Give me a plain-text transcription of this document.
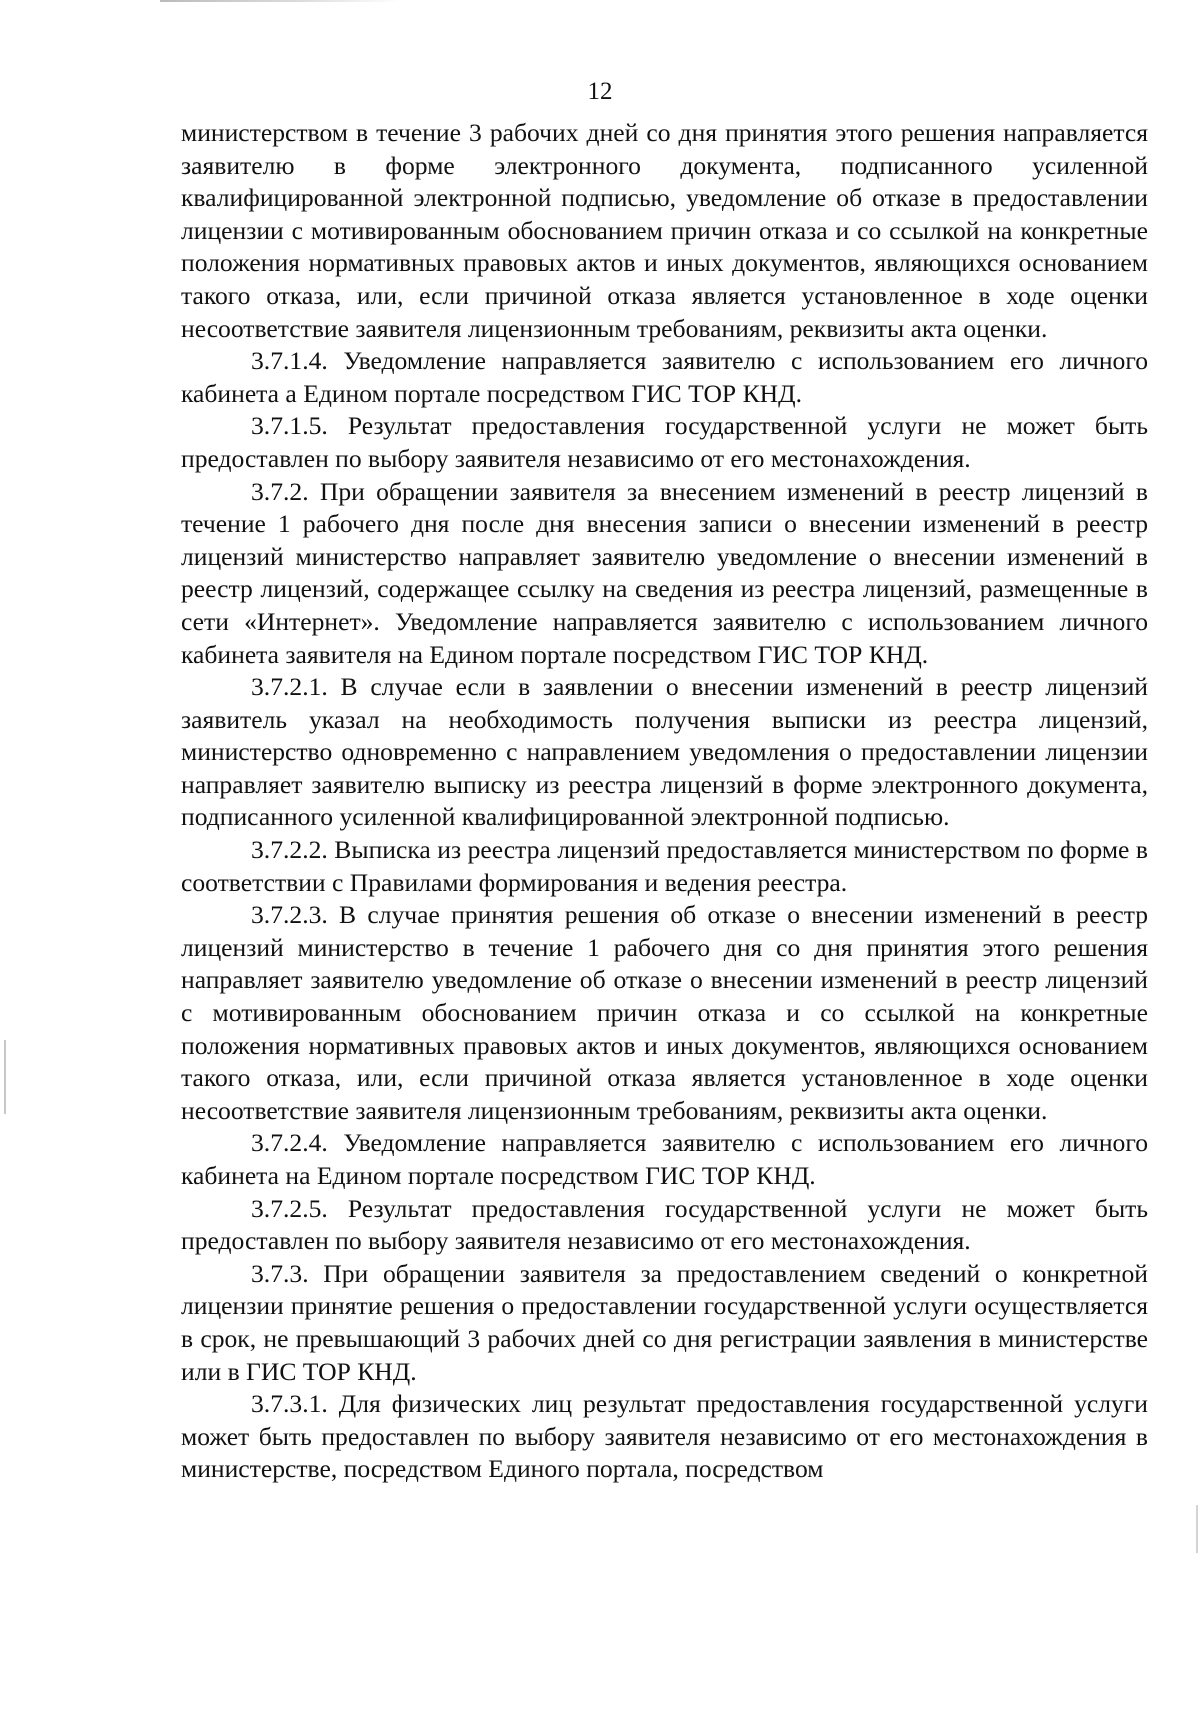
12

министерством в течение 3 рабочих дней со дня принятия этого решения направляется заявителю в форме электронного документа, подписанного усиленной квалифицированной электронной подписью, уведомление об отказе в предоставлении лицензии с мотивированным обоснованием причин отказа и со ссылкой на конкретные положения нормативных правовых актов и иных документов, являющихся основанием такого отказа, или, если причиной отказа является установленное в ходе оценки несоответствие заявителя лицензионным требованиям, реквизиты акта оценки.

3.7.1.4. Уведомление направляется заявителю с использованием его личного кабинета а Едином портале посредством ГИС ТОР КНД.

3.7.1.5. Результат предоставления государственной услуги не может быть предоставлен по выбору заявителя независимо от его местонахождения.

3.7.2. При обращении заявителя за внесением изменений в реестр лицензий в течение 1 рабочего дня после дня внесения записи о внесении изменений в реестр лицензий министерство направляет заявителю уведомление о внесении изменений в реестр лицензий, содержащее ссылку на сведения из реестра лицензий, размещенные в сети «Интернет». Уведомление направляется заявителю с использованием личного кабинета заявителя на Едином портале посредством ГИС ТОР КНД.

3.7.2.1. В случае если в заявлении о внесении изменений в реестр лицензий заявитель указал на необходимость получения выписки из реестра лицензий, министерство одновременно с направлением уведомления о предоставлении лицензии направляет заявителю выписку из реестра лицензий в форме электронного документа, подписанного усиленной квалифицированной электронной подписью.

3.7.2.2. Выписка из реестра лицензий предоставляется министерством по форме в соответствии с Правилами формирования и ведения реестра.

3.7.2.3. В случае принятия решения об отказе о внесении изменений в реестр лицензий министерство в течение 1 рабочего дня со дня принятия этого решения направляет заявителю уведомление об отказе о внесении изменений в реестр лицензий с мотивированным обоснованием причин отказа и со ссылкой на конкретные положения нормативных правовых актов и иных документов, являющихся основанием такого отказа, или, если причиной отказа является установленное в ходе оценки несоответствие заявителя лицензионным требованиям, реквизиты акта оценки.

3.7.2.4. Уведомление направляется заявителю с использованием его личного кабинета на Едином портале посредством ГИС ТОР КНД.

3.7.2.5. Результат предоставления государственной услуги не может быть предоставлен по выбору заявителя независимо от его местонахождения.

3.7.3. При обращении заявителя за предоставлением сведений о конкретной лицензии принятие решения о предоставлении государственной услуги осуществляется в срок, не превышающий 3 рабочих дней со дня регистрации заявления в министерстве или в ГИС ТОР КНД.

3.7.3.1. Для физических лиц результат предоставления государственной услуги может быть предоставлен по выбору заявителя независимо от его местонахождения в министерстве, посредством Единого портала, посредством
